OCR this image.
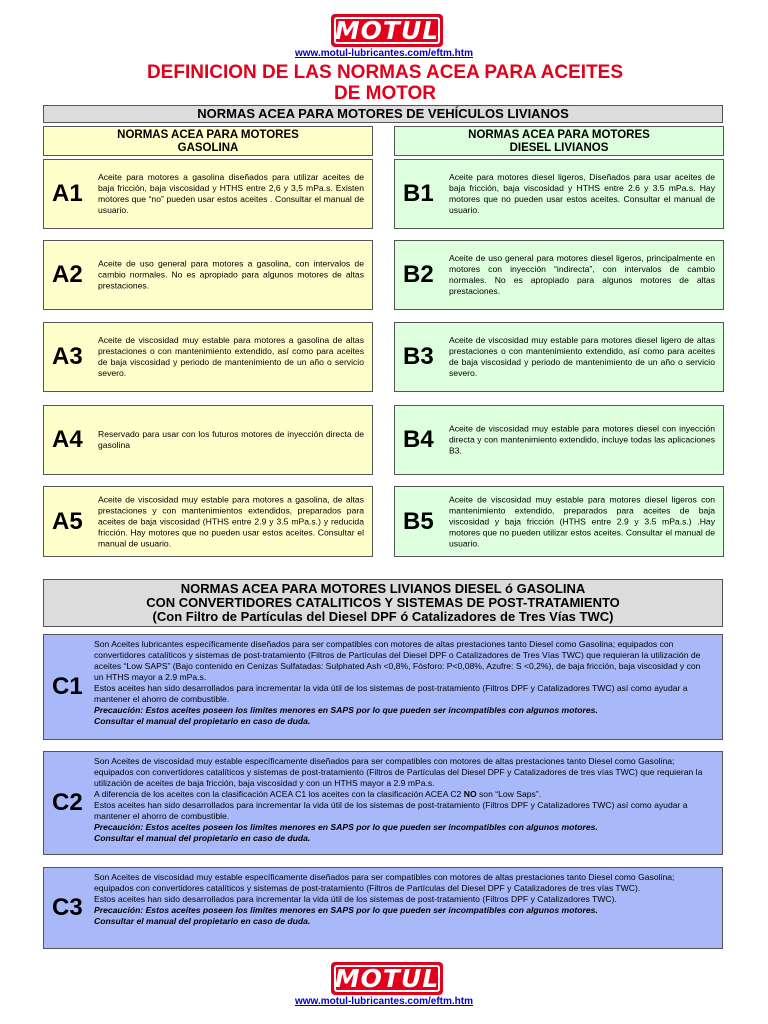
MOTUL
www.motul-lubricantes.com/eftm.htm
DEFINICION DE LAS NORMAS ACEA PARA ACEITES
DE MOTOR
NORMAS ACEA PARA MOTORES DE VEHÍCULOS LIVIANOS
NORMAS ACEA PARA MOTORES
GASOLINA
NORMAS ACEA PARA MOTORES
DIESEL LIVIANOS
A1
Aceite para motores a gasolina diseñados para utilizar aceites de baja fricción, baja viscosidad y HTHS entre 2,6 y 3,5 mPa.s. Existen motores que “no” pueden usar estos aceites . Consultar el manual de usuario.
A2 Aceite de uso general para motores a gasolina, con intervalos de cambio normales. No es apropiado para algunos motores de altas prestaciones.
A3
Aceite de viscosidad muy estable para motores a gasolina de altas prestaciones o con mantenimiento extendido, así como para aceites de baja viscosidad y periodo de mantenimiento de un año o servicio severo.
A4 Reservado para usar con los futuros motores de inyección directa de gasolina
A5
Aceite de viscosidad muy estable para motores a gasolina, de altas prestaciones y con mantenimientos extendidos, preparados para aceites de baja viscosidad (HTHS entre 2.9 y 3.5 mPa.s.) y reducida fricción. Hay motores que no pueden usar estos aceites. Consultar el manual de usuario.
B1
Aceite para motores diesel ligeros, Diseñados para usar aceites de baja fricción, baja viscosidad y HTHS entre 2.6 y 3.5 mPa.s. Hay motores que no pueden usar estos aceites. Consultar el manual de usuario.
B2
Aceite de uso general para motores diesel ligeros, principalmente en motores con inyección “indirecta”, con intervalos de cambio normales. No es apropiado para algunos motores de altas prestaciones.
B3
Aceite de viscosidad muy estable para motores diesel ligero de altas prestaciones o con mantenimiento extendido, así como para aceites de baja viscosidad y periodo de mantenimiento de un año o servicio severo.
B4 Aceite de viscosidad muy estable para motores diesel con inyección directa y con mantenimiento extendido, incluye todas las aplicaciones B3.
B5
Aceite de viscosidad muy estable para motores diesel ligeros con mantenimiento extendido, preparados para aceites de baja viscosidad y baja fricción (HTHS entre 2.9 y 3.5 mPa.s.) .Hay motores que no pueden utilizar estos aceites. Consultar el manual de usuario.
NORMAS ACEA PARA MOTORES LIVIANOS DIESEL ó GASOLINA
CON CONVERTIDORES CATALITICOS Y SISTEMAS DE POST-TRATAMIENTO
(Con Filtro de Partículas del Diesel DPF ó Catalizadores de Tres Vías TWC)
C1

Son Aceites lubricantes específicamente diseñados para ser compatibles con motores de altas prestaciones tanto Diesel como Gasolina; equipados con convertidores catalíticos y sistemas de post-tratamiento (Filtros de Partículas del Diesel DPF o Catalizadores de Tres Vías TWC) que requieran la utilización de aceites “Low SAPS” (Bajo contenido en Cenizas Sulfatadas: Sulphated Ash <0,8%, Fósforo: P<0,08%, Azufre: S <0,2%), de baja fricción, baja viscosidad y con un HTHS mayor a 2.9 mPa.s.

Estos aceites han sido desarrollados para incrementar la vida útil de los sistemas de post-tratamiento (Filtros DPF y Catalizadores TWC) así como ayudar a mantener el ahorro de combustible.

Precaución: Estos aceites poseen los limites menores en SAPS por lo que pueden ser incompatibles con algunos motores.

Consultar el manual del propietario en caso de duda.

C2

Son Aceites de viscosidad muy estable específicamente diseñados para ser compatibles con motores de altas prestaciones tanto Diesel como Gasolina; equipados con convertidores catalíticos y sistemas de post-tratamiento (Filtros de Partículas del Diesel DPF y Catalizadores de tres vías TWC) que requieran la utilización de aceites de baja fricción, baja viscosidad y con un HTHS mayor a 2.9 mPa.s.

A diferencia de los aceites con la clasificación ACEA C1 los aceites con la clasificación ACEA C2 NO son “Low Saps”.

Estos aceites han sido desarrollados para incrementar la vida útil de los sistemas de post-tratamiento (Filtros DPF y Catalizadores TWC) así como ayudar a mantener el ahorro de combustible.

Precaución: Estos aceites poseen los limites menores en SAPS por lo que pueden ser incompatibles con algunos motores.

Consultar el manual del propietario en caso de duda.

C3

Son Aceites de viscosidad muy estable específicamente diseñados para ser compatibles con motores de altas prestaciones tanto Diesel como Gasolina; equipados con convertidores catalíticos y sistemas de post-tratamiento (Filtros de Partículas del Diesel DPF y Catalizadores de tres vías TWC).

Estos aceites han sido desarrollados para incrementar la vida útil de los sistemas de post-tratamiento (Filtros DPF y Catalizadores TWC).

Precaución: Estos aceites poseen los limites menores en SAPS por lo que pueden ser incompatibles con algunos motores.

Consultar el manual del propietario en caso de duda.

MOTUL
www.motul-lubricantes.com/eftm.htm
